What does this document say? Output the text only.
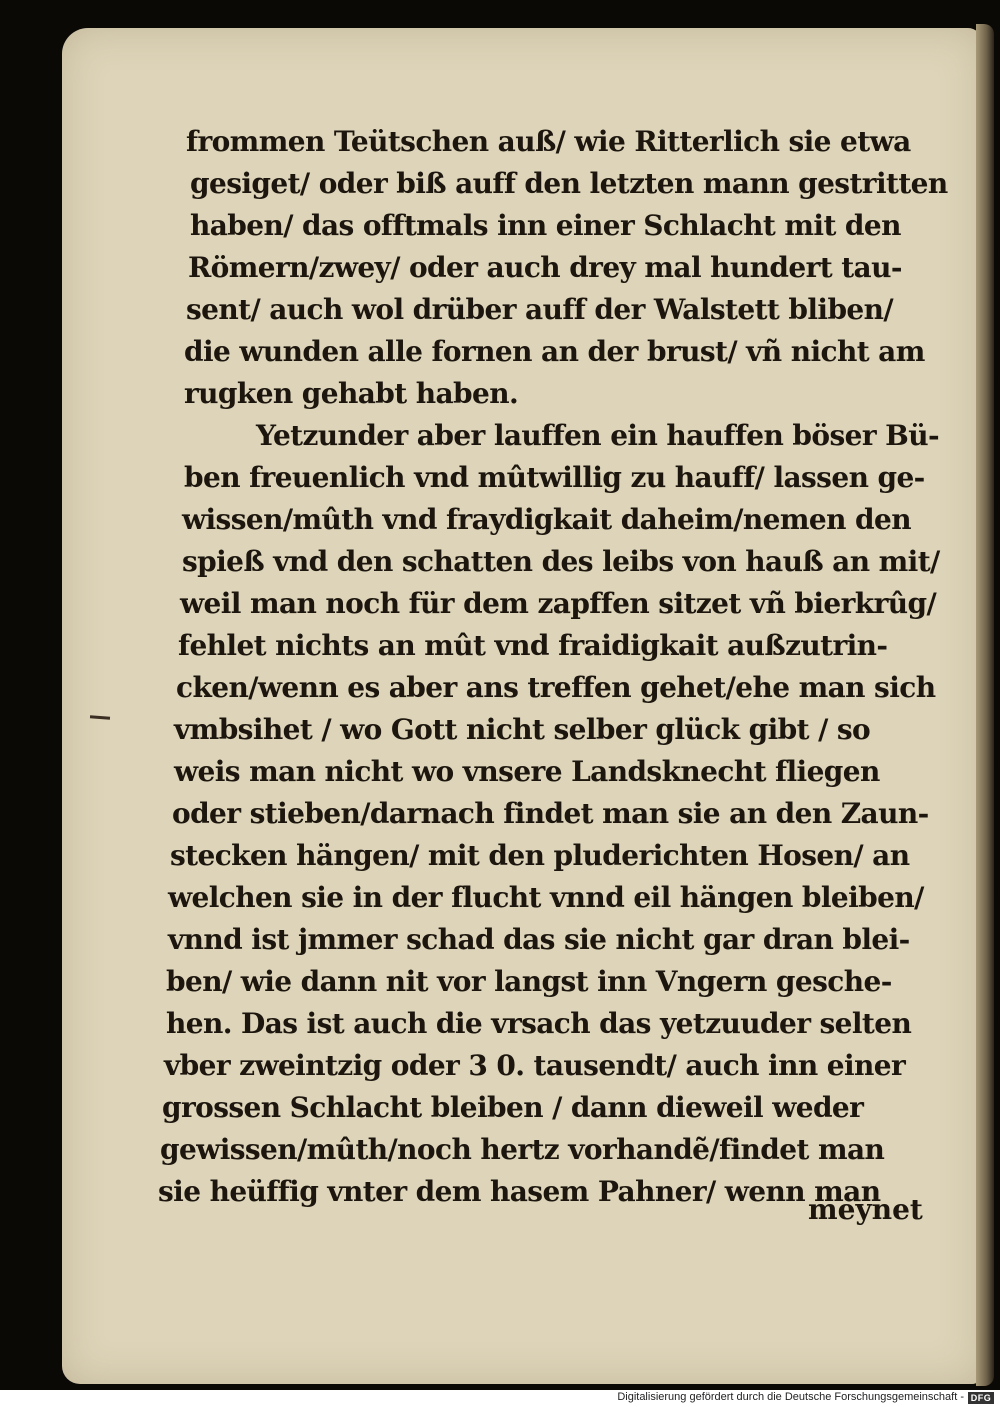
frommen Teütschen auß/ wie Ritterlich sie etwa
gesiget/ oder biß auff den letzten mann gestritten
haben/ das offtmals inn einer Schlacht mit den
Römern/zwey/ oder auch drey mal hundert tau-
sent/ auch wol drüber auff der Walstett bliben/
die wunden alle fornen an der brust/ vñ nicht am
rugken gehabt haben.
Yetzunder aber lauffen ein hauffen böser Bü-
ben freuenlich vnd mûtwillig zu hauff/ lassen ge-
wissen/mûth vnd fraydigkait daheim/nemen den
spieß vnd den schatten des leibs von hauß an mit/
weil man noch für dem zapffen sitzet vñ bierkrûg/
fehlet nichts an mût vnd fraidigkait außzutrin-
cken/wenn es aber ans treffen gehet/ehe man sich
vmbsihet / wo Gott nicht selber glück gibt / so
weis man nicht wo vnsere Landsknecht fliegen
oder stieben/darnach findet man sie an den Zaun-
stecken hängen/ mit den pluderichten Hosen/ an
welchen sie in der flucht vnnd eil hängen bleiben/
vnnd ist jmmer schad das sie nicht gar dran blei-
ben/ wie dann nit vor langst inn Vngern gesche-
hen. Das ist auch die vrsach das yetzuuder selten
vber zweintzig oder 3 0. tausendt/ auch inn einer
grossen Schlacht bleiben / dann dieweil weder
gewissen/mûth/noch hertz vorhandẽ/findet man
sie heüffig vnter dem hasem Pahner/ wenn man
meynet
Digitalisierung gefördert durch die Deutsche Forschungsgemeinschaft - DFG
